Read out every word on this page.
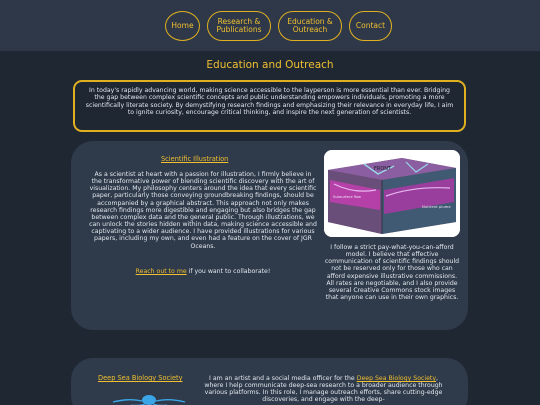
Home	Research & Publications
Education & Outreach	Contact
Education and Outreach

In today's rapidly advancing world, making science accessible to the layperson is more essential than ever. Bridging the gap between complex scientific concepts and public understanding empowers individuals, promoting a more scientifically literate society. By demystifying research findings and emphasizing their relevance in everyday life, I aim to ignite curiosity, encourage critical thinking, and inspire the next generation of scientists.

Scientific Illustration

As a scientist at heart with a passion for illustration, I firmly believe in the transformative power of blending scientific discovery with the art of visualization. My philosophy centers around the idea that every scientific paper, particularly those conveying groundbreaking findings, should be accompanied by a graphical abstract. This approach not only makes research findings more digestible and engaging but also bridges the gap between complex data and the general public. Through illustrations, we can unlock the stories hidden within data, making science accessible and captivating to a wider audience. I have provided illustrations for various papers, including my own, and even had a feature on the cover of JGR Oceans.

Reach out to me if you want to collaborate!

FRONT
Subsurface flow
Nutrient plume

I follow a strict pay-what-you-can-afford model. I believe that effective communication of scientific findings should not be reserved only for those who can afford expensive illustrative commissions. All rates are negotiable, and I also provide several Creative Commons stock images that anyone can use in their own graphics.

Deep Sea Biology Society	I am an artist and a social media officer for the Deep Sea Biology Society, where I help communicate deep-sea research to a broader audience through various platforms. In this role, I manage outreach efforts, share cutting-edge discoveries, and engage with the deep-
